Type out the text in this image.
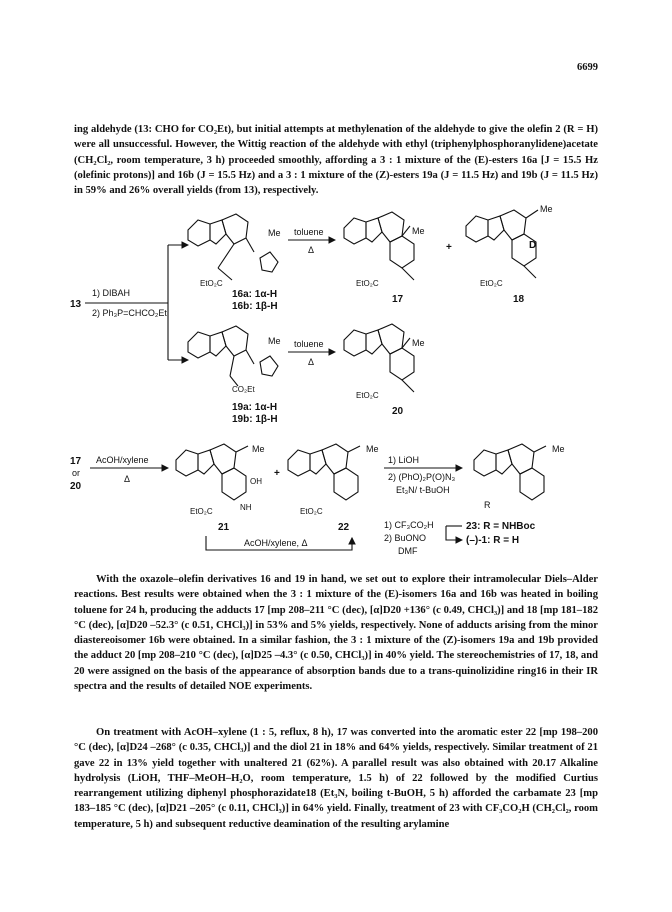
6699

ing aldehyde (13: CHO for CO₂Et), but initial attempts at methylenation of the aldehyde to give the olefin 2 (R = H) were all unsuccessful. However, the Wittig reaction of the aldehyde with ethyl (triphenylphosphoranylidene)acetate (CH₂Cl₂, room temperature, 3 h) proceeded smoothly, affording a 3 : 1 mixture of the (E)-esters 16a [J = 15.5 Hz (olefinic protons)] and 16b (J = 15.5 Hz) and a 3 : 1 mixture of the (Z)-esters 19a (J = 11.5 Hz) and 19b (J = 11.5 Hz) in 59% and 26% overall yields (from 13), respectively.

13
1) DIBAH
2) Ph₃P=CHCO₂Et
Me
EtO₂C
16a: 1α-H
16b: 1β-H
toluene
Δ
Me
EtO₂C
17
+	D
Me
EtO₂C
18
Me
CO₂Et
19a: 1α-H
19b: 1β-H
toluene
Δ
Me
EtO₂C
20
17
or
20
AcOH/xylene
Δ
Me
OH
NH
EtO₂C
21
+
Me
EtO₂C
22
1) LiOH
2) (PhO)₂P(O)N₃
Et₃N/ t-BuOH
Me
R
1) CF₃CO₂H
2) BuONO
DMF
23: R = NHBoc
(–)-1: R = H
AcOH/xylene, Δ

With the oxazole–olefin derivatives 16 and 19 in hand, we set out to explore their intramolecular Diels–Alder reactions. Best results were obtained when the 3 : 1 mixture of the (E)-isomers 16a and 16b was heated in boiling toluene for 24 h, producing the adducts 17 [mp 208–211 °C (dec), [α]D20 +136° (c 0.49, CHCl₃)] and 18 [mp 181–182 °C (dec), [α]D20 –52.3° (c 0.51, CHCl₃)] in 53% and 5% yields, respectively. None of adducts arising from the minor diastereoisomer 16b were obtained. In a similar fashion, the 3 : 1 mixture of the (Z)-isomers 19a and 19b provided the adduct 20 [mp 208–210 °C (dec), [α]D25 –4.3° (c 0.50, CHCl₃)] in 40% yield. The stereochemistries of 17, 18, and 20 were assigned on the basis of the appearance of absorption bands due to a trans-quinolizidine ring16 in their IR spectra and the results of detailed NOE experiments.

On treatment with AcOH–xylene (1 : 5, reflux, 8 h), 17 was converted into the aromatic ester 22 [mp 198–200 °C (dec), [α]D24 –268° (c 0.35, CHCl₃)] and the diol 21 in 18% and 64% yields, respectively. Similar treatment of 21 gave 22 in 13% yield together with unaltered 21 (62%). A parallel result was also obtained with 20.17 Alkaline hydrolysis (LiOH, THF–MeOH–H₂O, room temperature, 1.5 h) of 22 followed by the modified Curtius rearrangement utilizing diphenyl phosphorazidate18 (Et₃N, boiling t-BuOH, 5 h) afforded the carbamate 23 [mp 183–185 °C (dec), [α]D21 –205° (c 0.11, CHCl₃)] in 64% yield. Finally, treatment of 23 with CF₃CO₂H (CH₂Cl₂, room temperature, 5 h) and subsequent reductive deamination of the resulting arylamine
